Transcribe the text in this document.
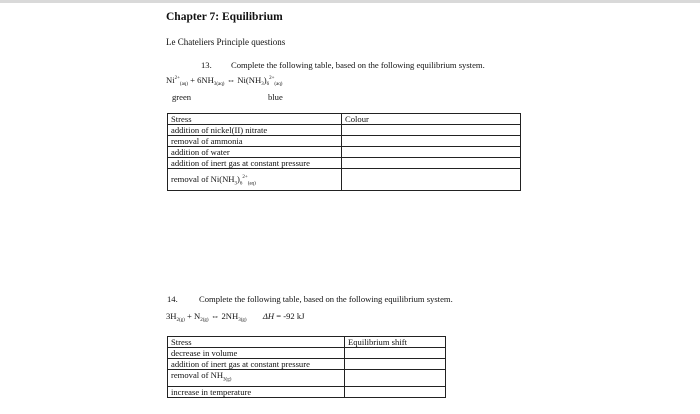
Chapter 7: Equilibrium
Le Chateliers Principle questions
13. Complete the following table, based on the following equilibrium system.
$Ni^{2+}_{(aq)} + 6NH_{3(aq)}$ ⇔ $Ni(NH_3)_6^{2+}_{(aq)}$
green	blue
Stress	Colour
addition of nickel(II) nitrate	
removal of ammonia	
addition of water	
addition of inert gas at constant pressure	
removal of $Ni(NH_3)_6^{2+}_{(aq)}$	
14. Complete the following table, based on the following equilibrium system.
$3H_{2(g)} + N_{2(g)}$ ⇔ $2NH_{3(g)}$ ΔH = -92 kJ
Stress	Equilibrium shift
decrease in volume	
addition of inert gas at constant pressure	
removal of $NH_{3(g)}$	
increase in temperature	
